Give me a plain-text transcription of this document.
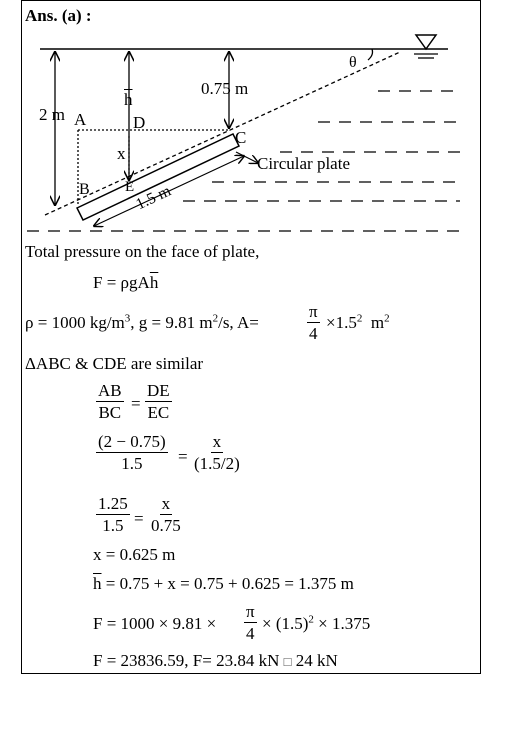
Ans. (a) :
θ
0.75 m
$\overline{h}$
2 m A	D
C
x
Circular plate
B E 1.5 m
Total pressure on the face of plate,
$F = \rho gA\overline{h}$
ρ = 1000 $kg/m^3$, g = 9.81 $m^2/s$, A=	$\frac{\pi}{4} \times 1.5^2$ $m^2$
ΔABC & CDE are similar
$\frac{AB}{BC} = \frac{DE}{EC}$
$\frac{(2 - 0.75)}{1.5} = \frac{x}{(1.5/2)}$
$\frac{1.25}{1.5} = \frac{x}{0.75}$
x = 0.625 m
$\overline{h} = 0.75 + x = 0.75 + 0.625 = 1.375$ m
$F = 1000 \times 9.81 \times \frac{\pi}{4} \times (1.5)^2 \times 1.375$
F = 23836.59, F= 23.84 kN □ 24 kN
